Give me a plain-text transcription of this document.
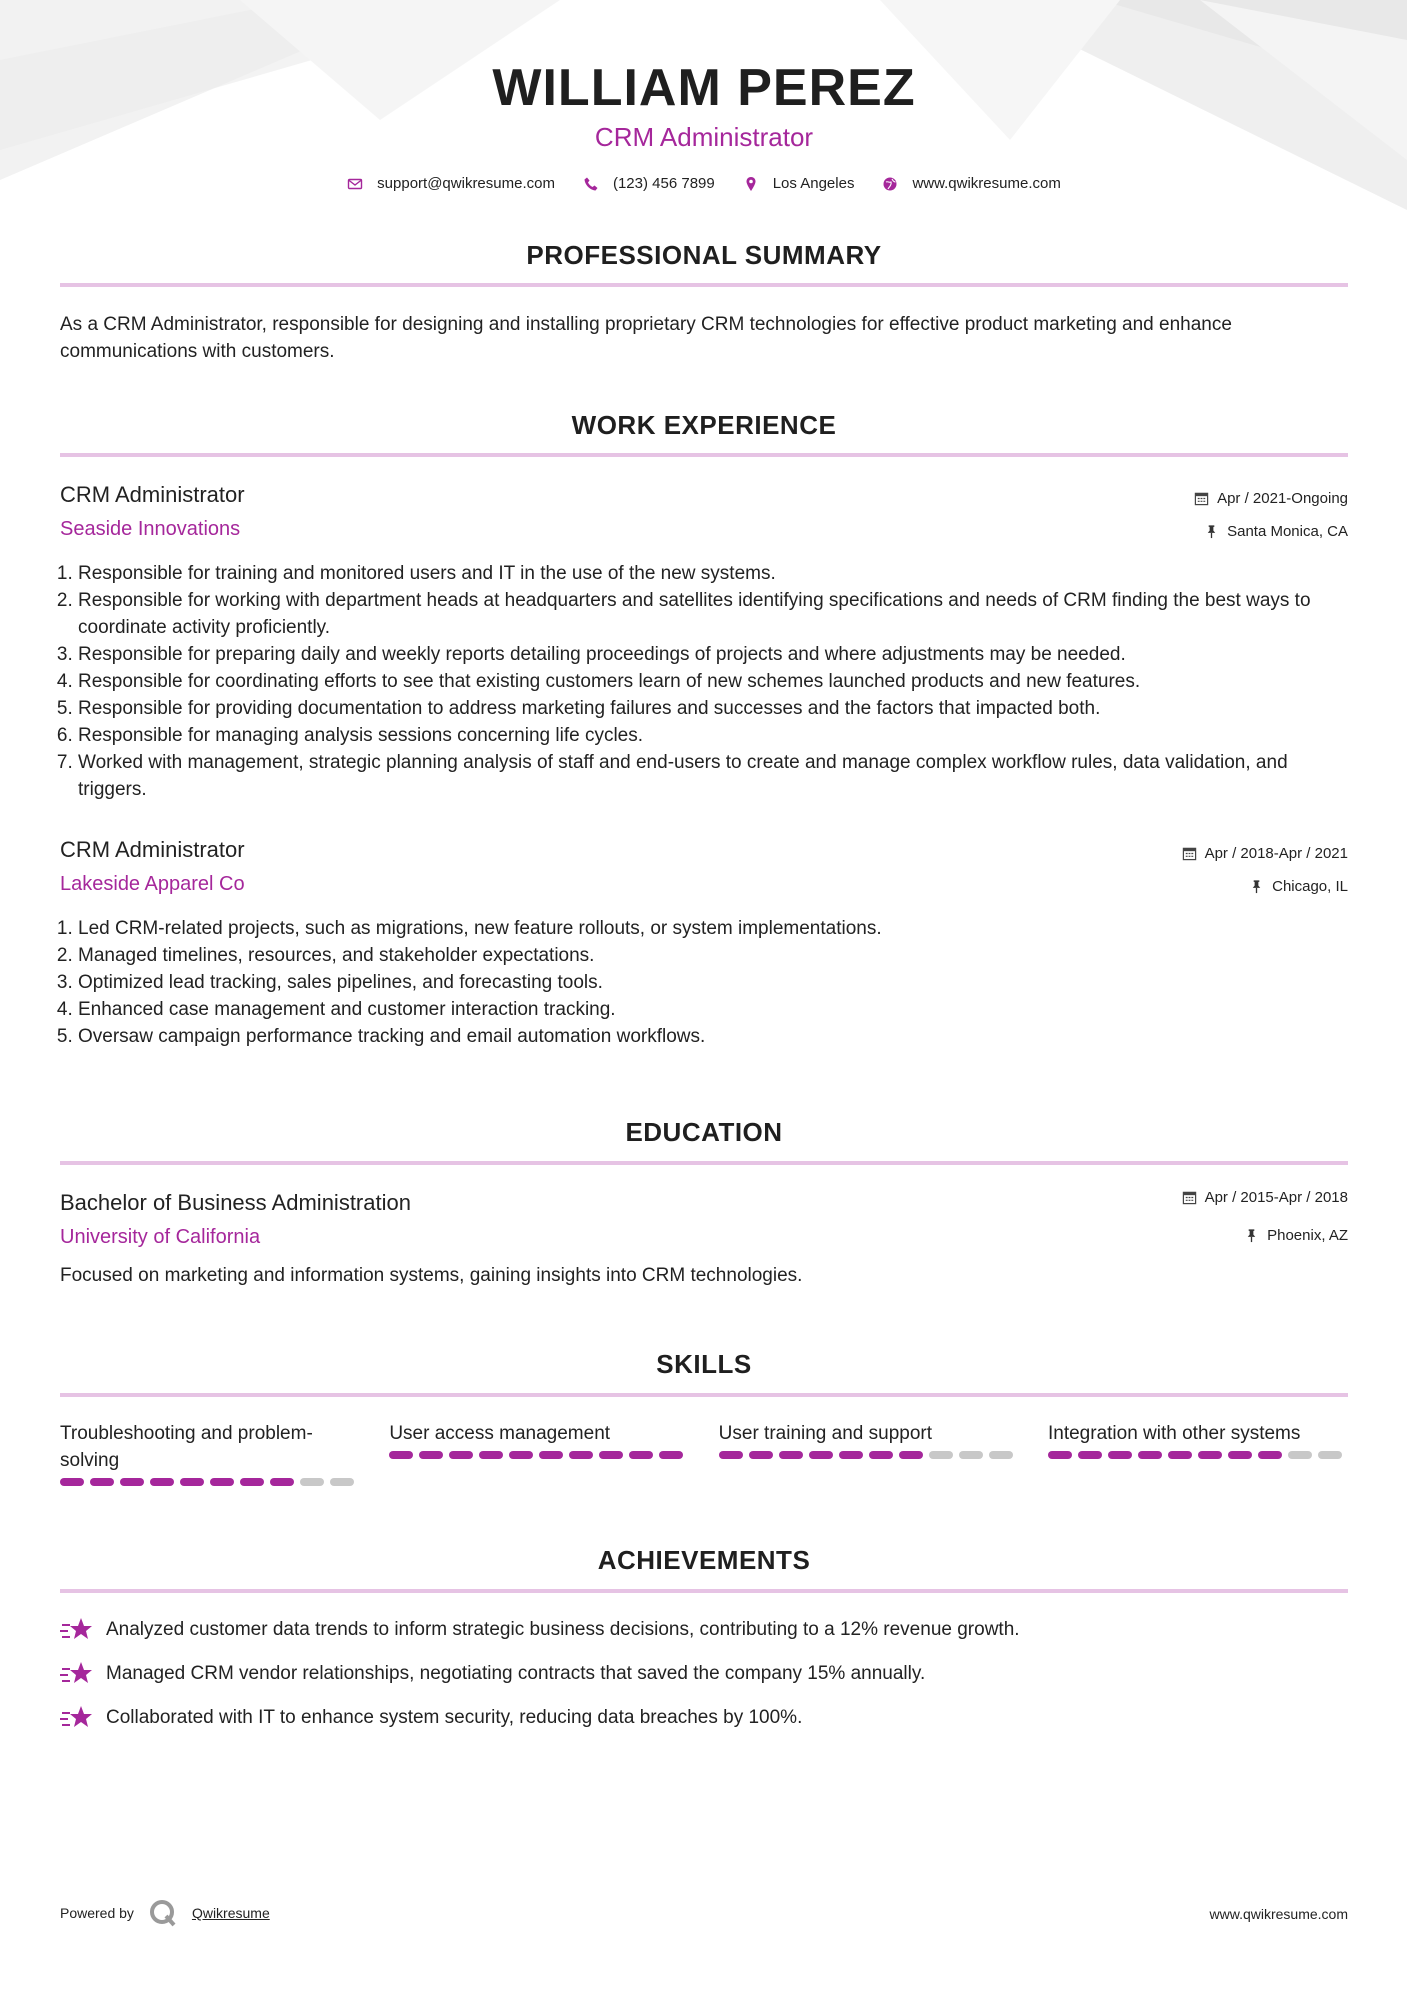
WILLIAM PEREZ
CRM Administrator
support@qwikresume.com	(123) 456 7899	Los Angeles	www.qwikresume.com
PROFESSIONAL SUMMARY
As a CRM Administrator, responsible for designing and installing proprietary CRM technologies for effective product marketing and enhance communications with customers.
WORK EXPERIENCE
CRM Administrator	Apr / 2021-Ongoing
Seaside Innovations	Santa Monica, CA
1. Responsible for training and monitored users and IT in the use of the new systems.
2. Responsible for working with department heads at headquarters and satellites identifying specifications and needs of CRM finding the best ways to coordinate activity proficiently.
3. Responsible for preparing daily and weekly reports detailing proceedings of projects and where adjustments may be needed.
4. Responsible for coordinating efforts to see that existing customers learn of new schemes launched products and new features.
5. Responsible for providing documentation to address marketing failures and successes and the factors that impacted both.
6. Responsible for managing analysis sessions concerning life cycles.
7. Worked with management, strategic planning analysis of staff and end-users to create and manage complex workflow rules, data validation, and triggers.
CRM Administrator	Apr / 2018-Apr / 2021
Lakeside Apparel Co	Chicago, IL
1. Led CRM-related projects, such as migrations, new feature rollouts, or system implementations.
2. Managed timelines, resources, and stakeholder expectations.
3. Optimized lead tracking, sales pipelines, and forecasting tools.
4. Enhanced case management and customer interaction tracking.
5. Oversaw campaign performance tracking and email automation workflows.
EDUCATION
Bachelor of Business Administration	Apr / 2015-Apr / 2018
University of California	Phoenix, AZ
Focused on marketing and information systems, gaining insights into CRM technologies.
SKILLS
Troubleshooting and problem-solving
User access management	User training and support	Integration with other systems
ACHIEVEMENTS
Analyzed customer data trends to inform strategic business decisions, contributing to a 12% revenue growth.
Managed CRM vendor relationships, negotiating contracts that saved the company 15% annually.
Collaborated with IT to enhance system security, reducing data breaches by 100%.
Powered by	Qwikresume	www.qwikresume.com
